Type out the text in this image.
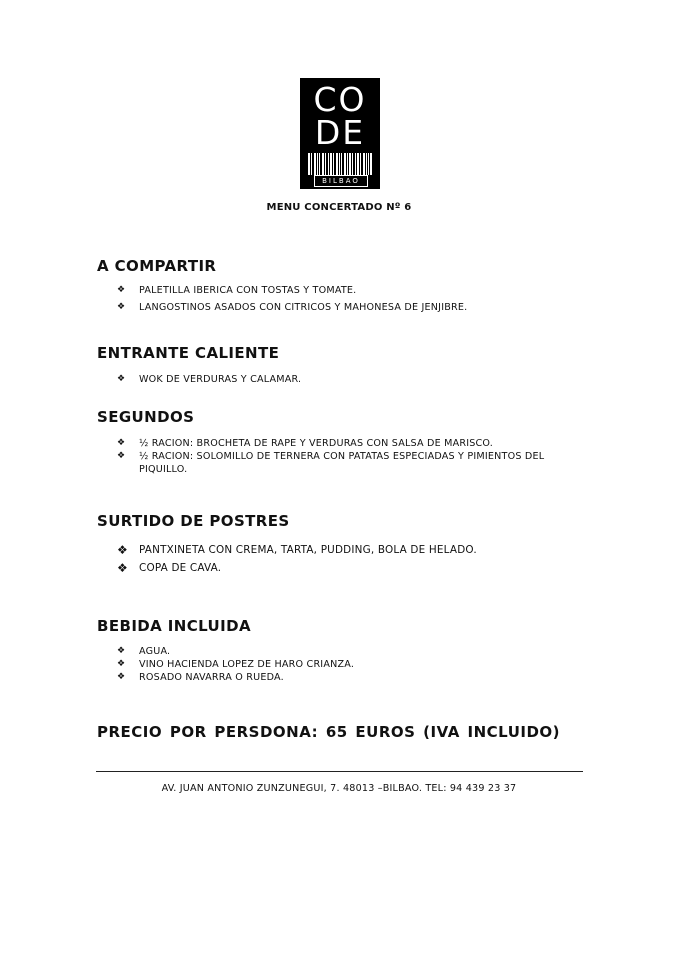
CO
DE
BILBAO
MENU CONCERTADO Nº 6
A COMPARTIR
❖ PALETILLA IBERICA CON TOSTAS Y TOMATE.
❖ LANGOSTINOS ASADOS CON CITRICOS Y MAHONESA DE JENJIBRE.
ENTRANTE CALIENTE
❖ WOK DE VERDURAS Y CALAMAR.
SEGUNDOS
❖ ½ RACION: BROCHETA DE RAPE Y VERDURAS CON SALSA DE MARISCO.
❖ ½ RACION: SOLOMILLO DE TERNERA CON PATATAS ESPECIADAS Y PIMIENTOS DEL PIQUILLO.
SURTIDO DE POSTRES
❖ PANTXINETA CON CREMA, TARTA, PUDDING, BOLA DE HELADO.
❖ COPA DE CAVA.
BEBIDA INCLUIDA
❖ AGUA.
❖ VINO HACIENDA LOPEZ DE HARO CRIANZA.
❖ ROSADO NAVARRA O RUEDA.
PRECIO POR PERSDONA: 65 EUROS (IVA INCLUIDO)
AV. JUAN ANTONIO ZUNZUNEGUI, 7. 48013 –BILBAO. TEL: 94 439 23 37
